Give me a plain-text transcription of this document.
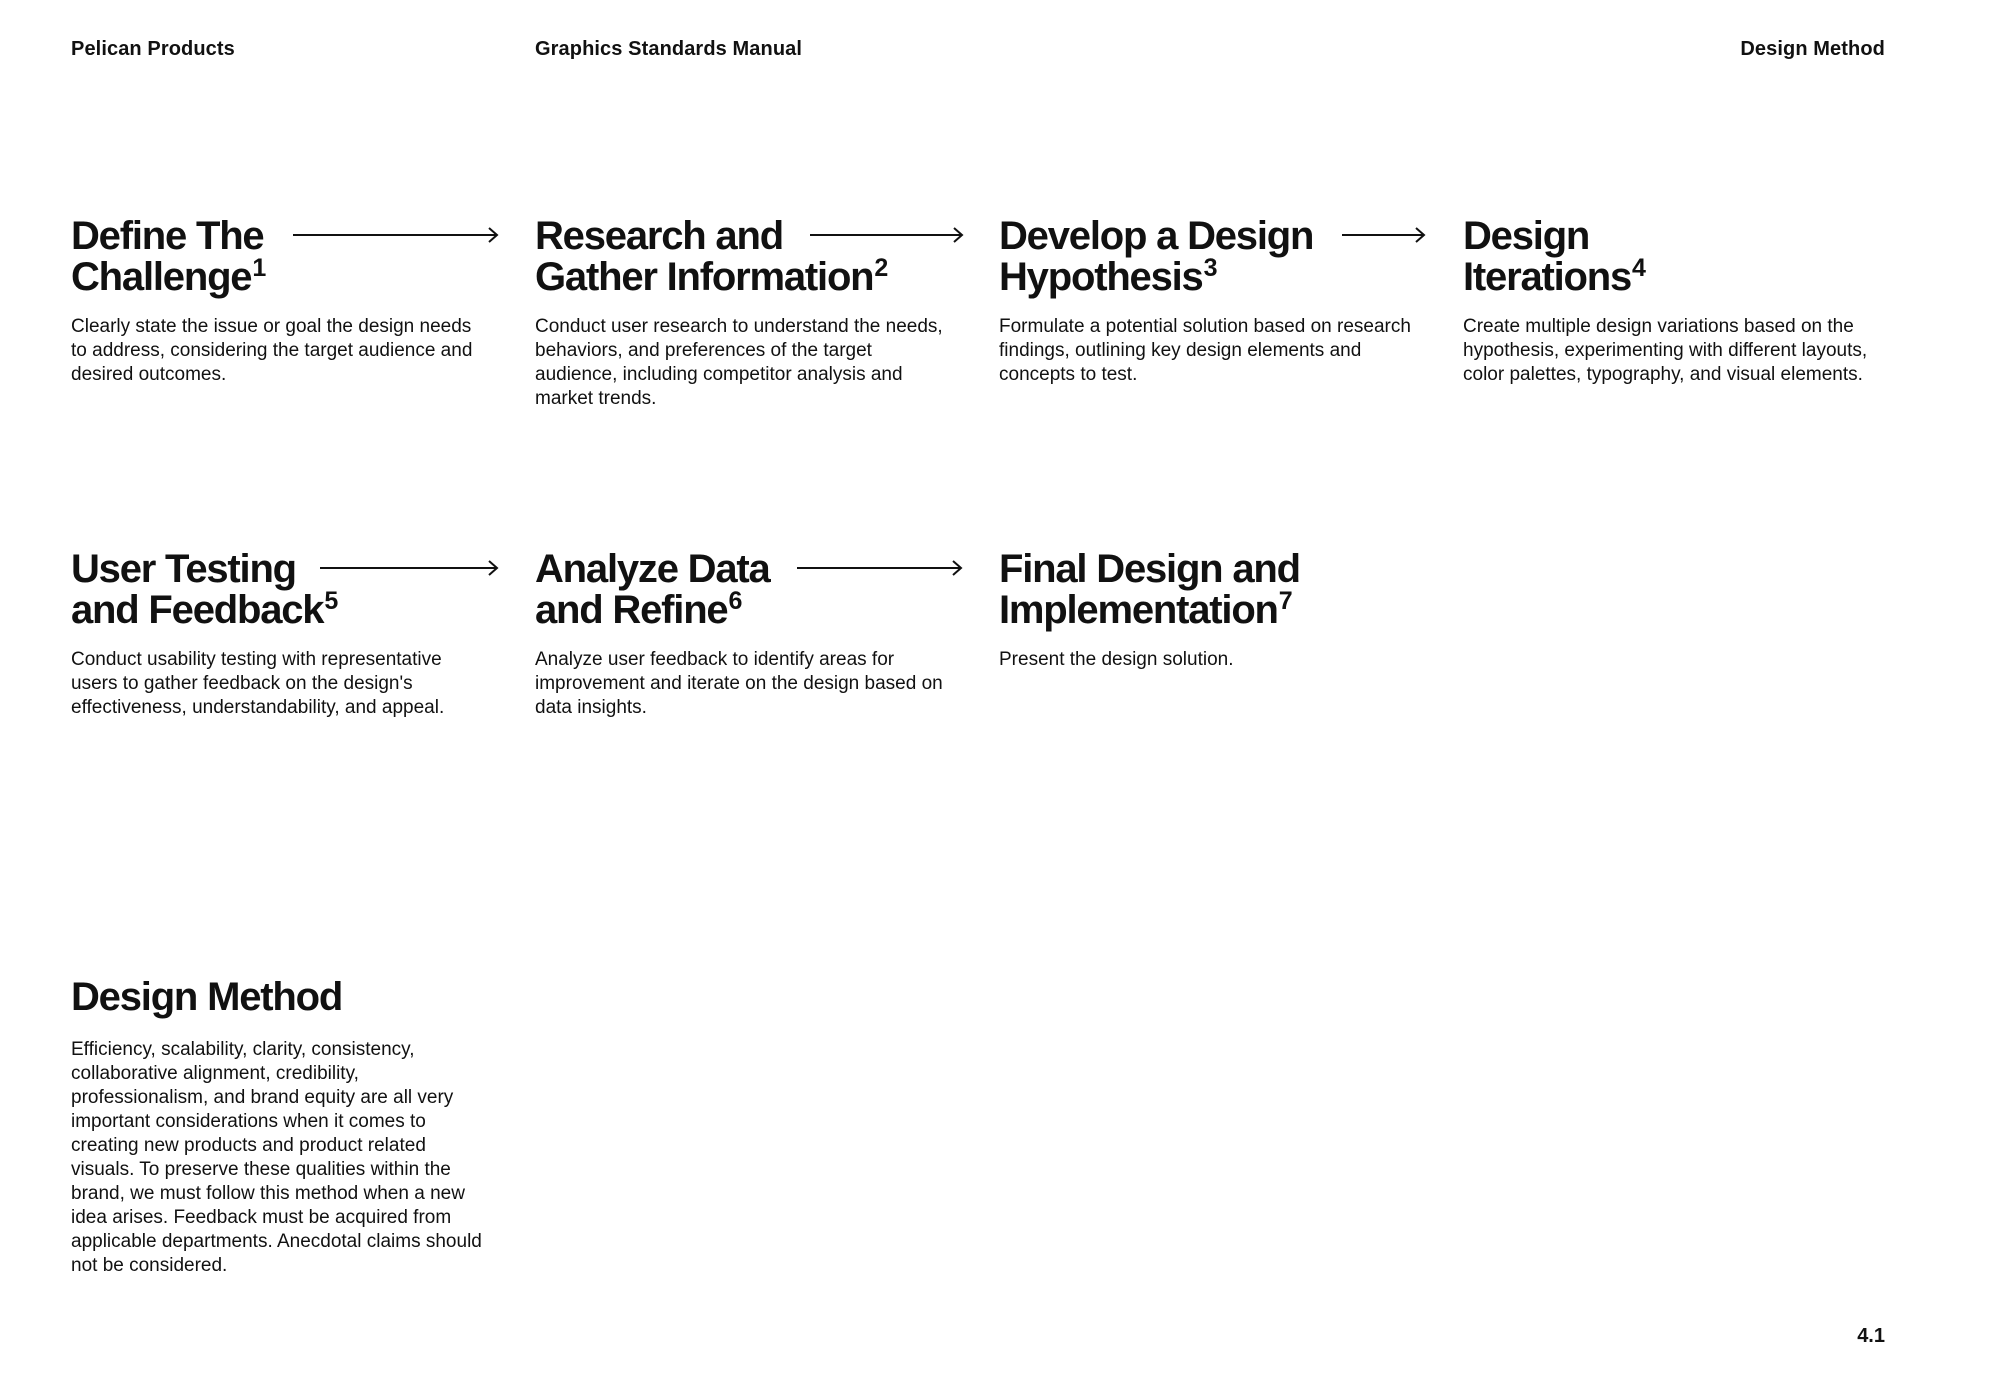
Pelican Products	Graphics Standards Manual	Design Method
Define The
Challenge$^1$

Clearly state the issue or goal the design needs to address, considering the target audience and desired outcomes.

Research and
Gather Information$^2$

Conduct user research to understand the needs, behaviors, and preferences of the target audience, including competitor analysis and market trends.

Develop a Design
Hypothesis$^3$

Formulate a potential solution based on research findings, outlining key design elements and concepts to test.

Design
Iterations$^4$

Create multiple design variations based on the hypothesis, experimenting with different layouts, color palettes, typography, and visual elements.

User Testing
and Feedback$^5$

Conduct usability testing with representative users to gather feedback on the design's effectiveness, understandability, and appeal.

Analyze Data
and Refine$^6$

Analyze user feedback to identify areas for improvement and iterate on the design based on data insights.

Final Design and
Implementation$^7$

Present the design solution.

Design Method

Efficiency, scalability, clarity, consistency, collaborative alignment, credibility, professionalism, and brand equity are all very important considerations when it comes to creating new products and product related visuals. To preserve these qualities within the brand, we must follow this method when a new idea arises. Feedback must be acquired from applicable departments. Anecdotal claims should not be considered.

4.1
